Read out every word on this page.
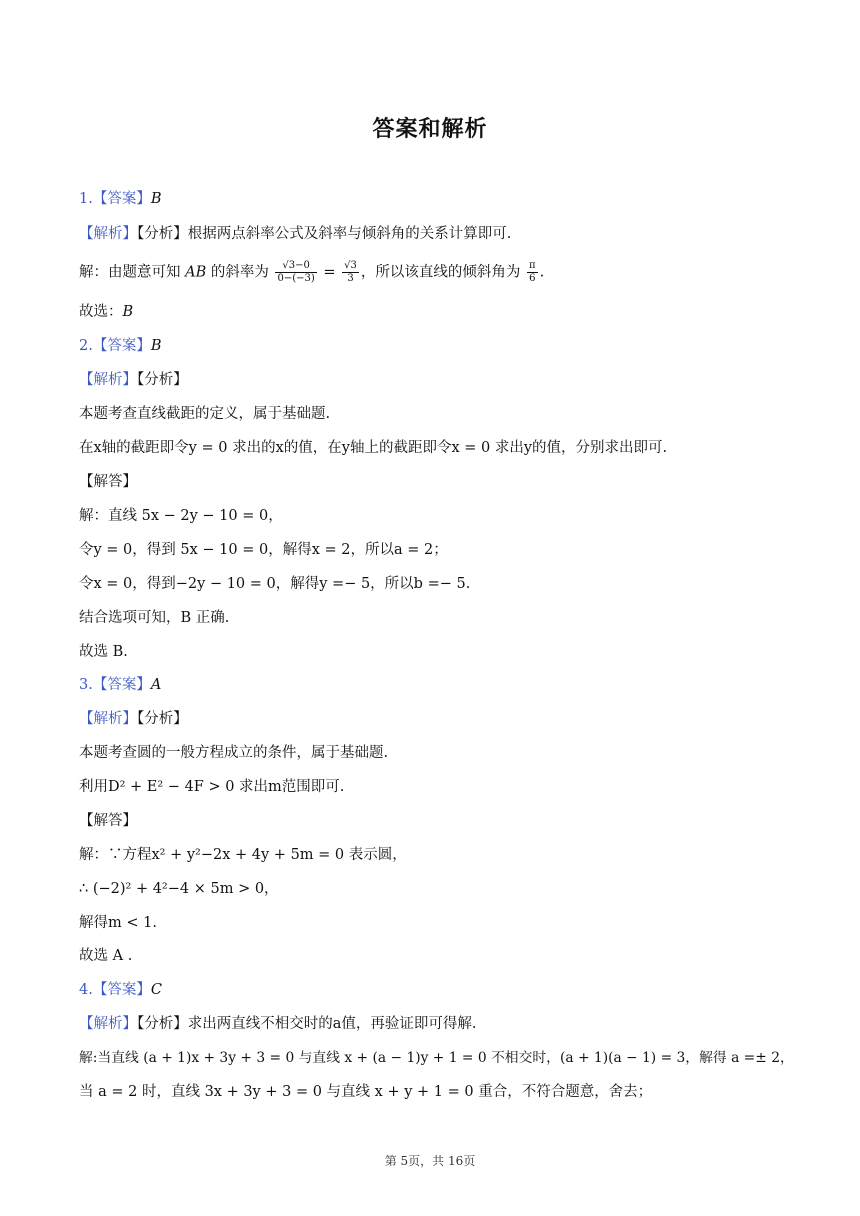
答案和解析
1.【答案】B
【解析】【分析】根据两点斜率公式及斜率与倾斜角的关系计算即可.
解：由题意可知 AB 的斜率为 $\frac{√3-0}{0-(-3)} = \frac{√3}{3}$ ，所以该直线的倾斜角为 $\frac{\pi}{6}$ .
故选：B
2.【答案】B
【解析】【分析】
本题考查直线截距的定义，属于基础题.
在x轴的截距即令y = 0 求出的x的值，在y轴上的截距即令x = 0 求出y的值，分别求出即可.
【解答】
解：直线 5x − 2y − 10 = 0，
令y = 0，得到 5x − 10 = 0，解得x = 2，所以a = 2；
令x = 0，得到−2y − 10 = 0，解得y =− 5，所以b =− 5.
结合选项可知，B 正确.
故选 B.
3.【答案】A
【解析】【分析】
本题考查圆的一般方程成立的条件，属于基础题.
利用D² + E² − 4F > 0 求出m范围即可.
【解答】
解：∵方程x² + y²−2x + 4y + 5m = 0 表示圆，
∴ (−2)² + 4²−4 × 5m > 0，
解得m < 1.
故选 A .
4.【答案】C
【解析】【分析】求出两直线不相交时的a值，再验证即可得解.
解:当直线 (a + 1)x + 3y + 3 = 0 与直线 x + (a − 1)y + 1 = 0 不相交时，(a + 1)(a − 1) = 3，解得 a =± 2，
当 a = 2 时，直线 3x + 3y + 3 = 0 与直线 x + y + 1 = 0 重合，不符合题意，舍去；
第 5页，共 16页
